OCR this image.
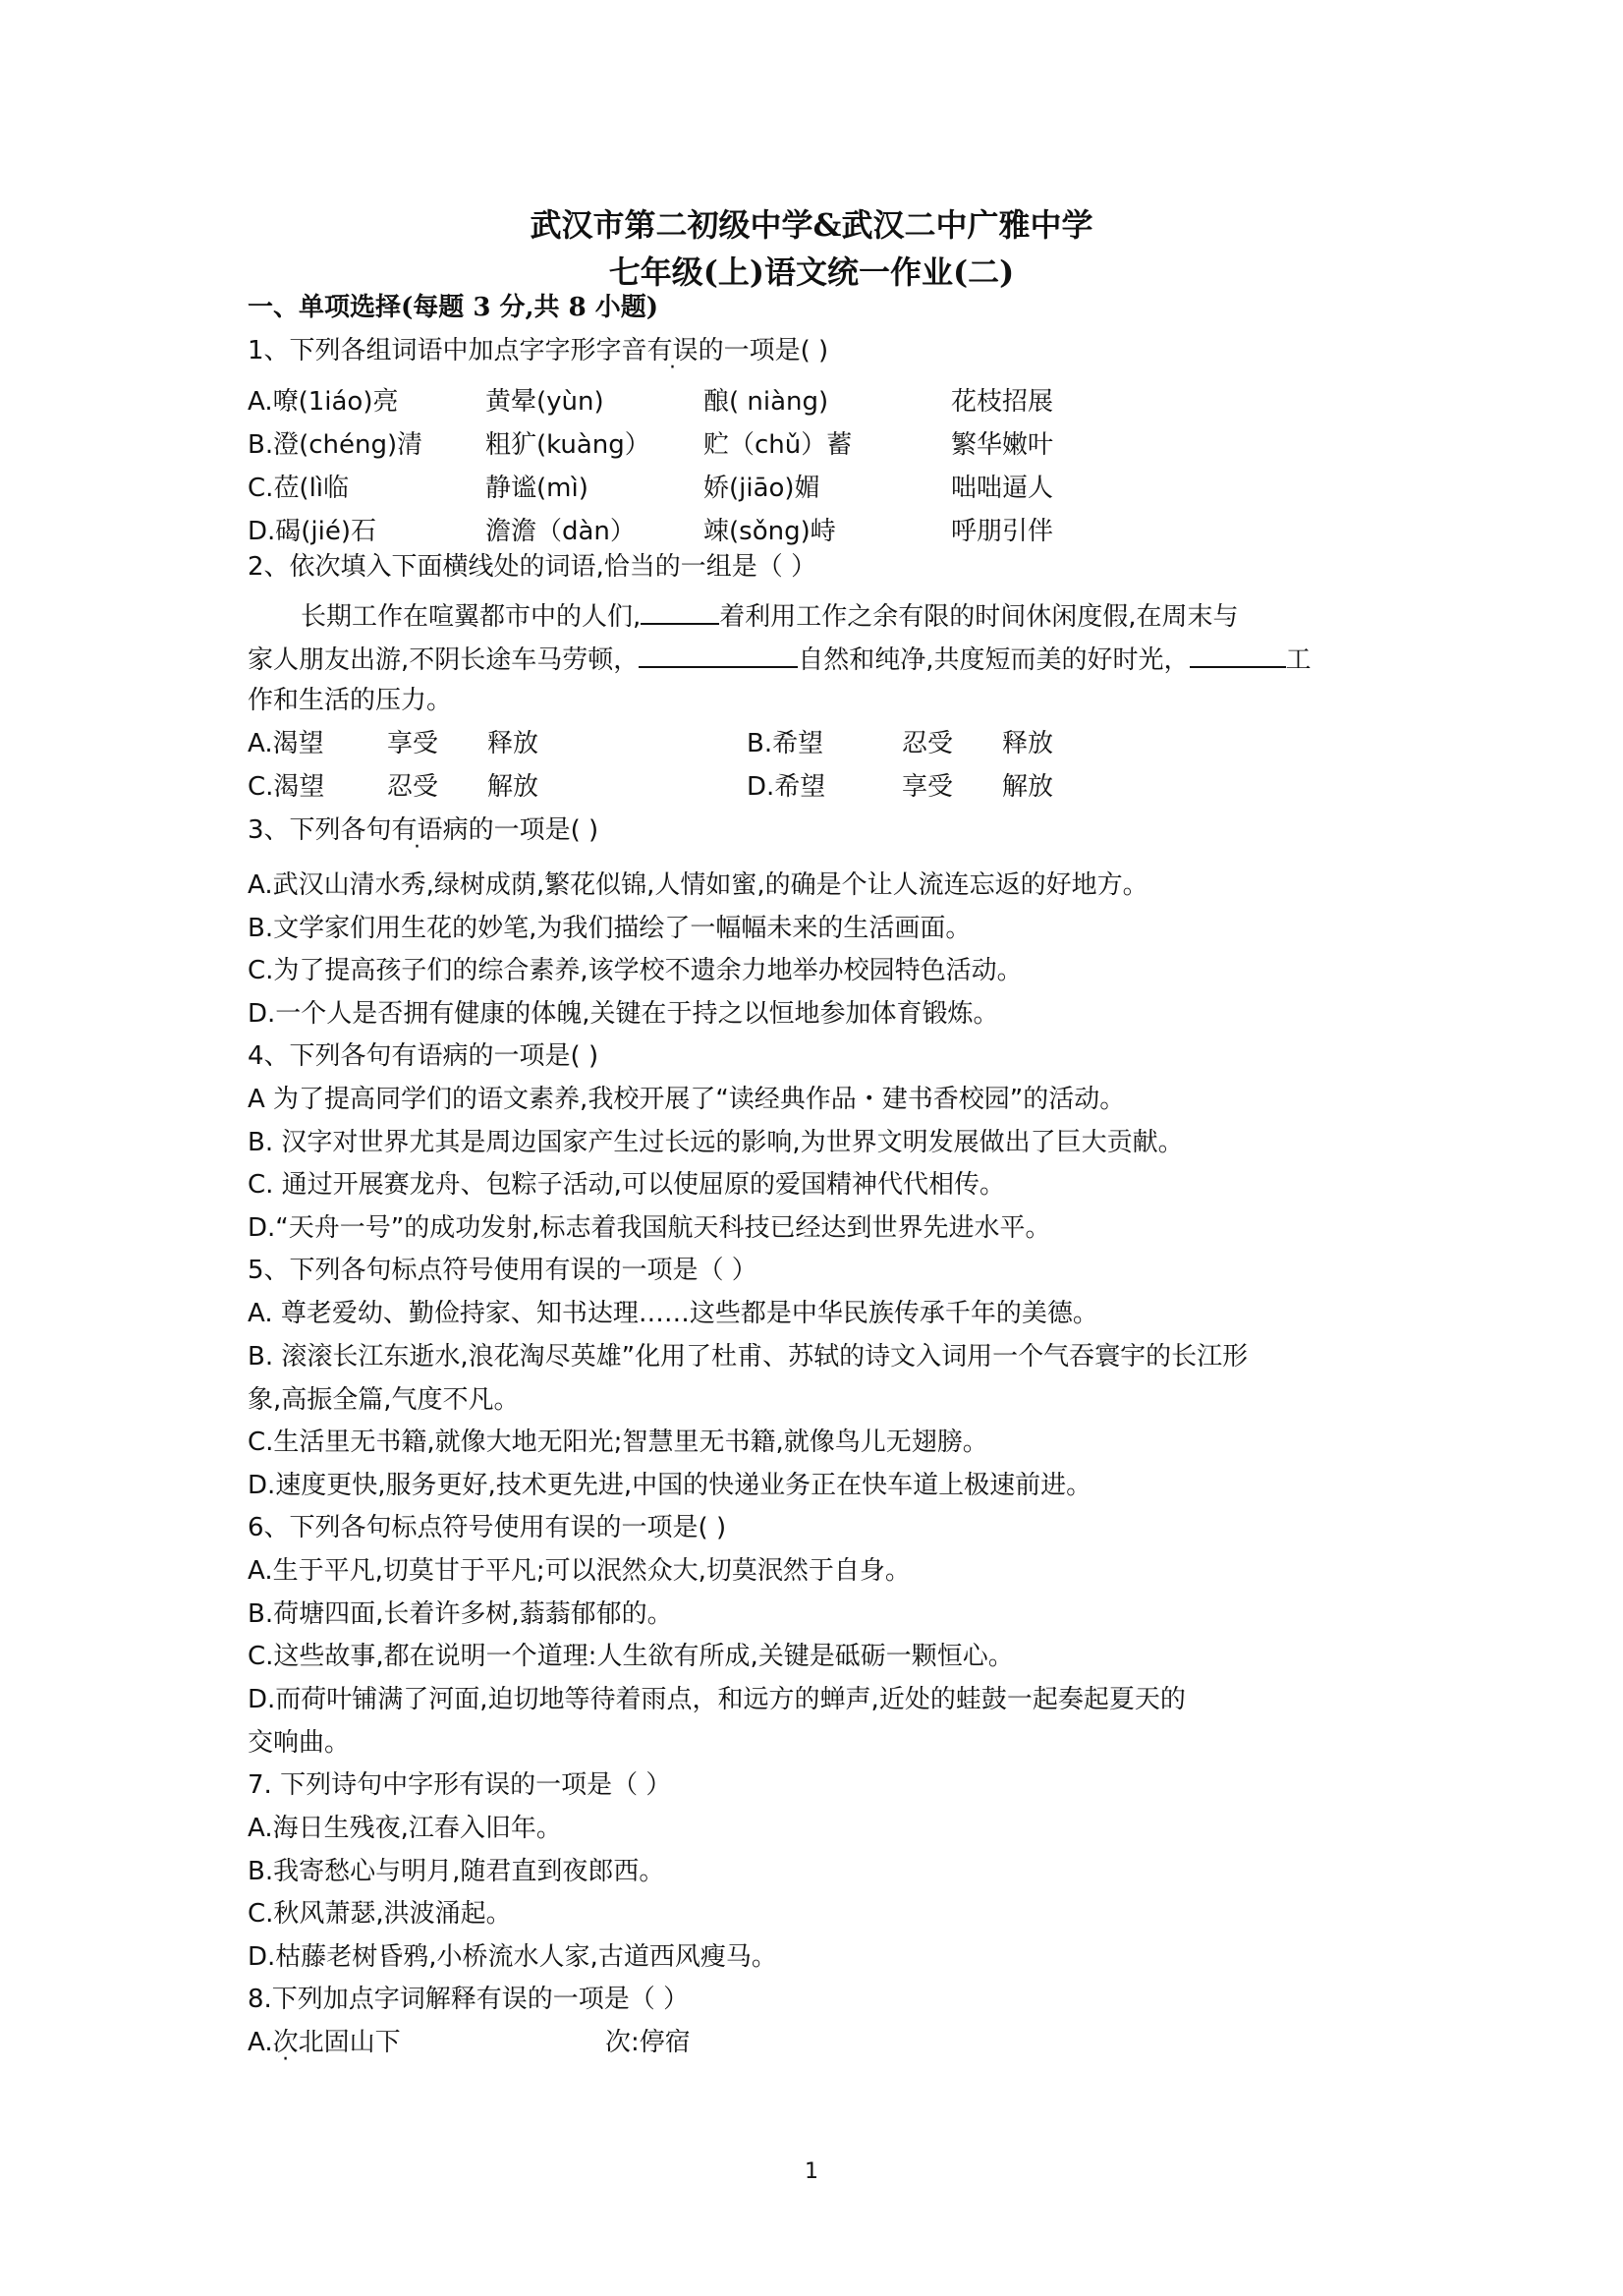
武汉市第二初级中学&武汉二中广雅中学
七年级(上)语文统一作业(二)
一、单项选择(每题 3 分,共 8 小题)
1、下列各组词语中加点字字形字音有误的一项是( )
A.嘹(1iáo)亮	黄晕(yùn)	酿( niàng)	花枝招展
B.澄(chéng)清 粗犷(kuàng） 贮（chǔ）蓄	繁华嫩叶
C.莅(lì临	静谧(mì)	娇(jiāo)媚	咄咄逼人
D.碣(jié)石	澹澹（dàn）	竦(sǒng)峙	呼朋引伴
2、依次填入下面横线处的词语,恰当的一组是（ ）
长期工作在喧翼都市中的人们,	着利用工作之余有限的时间休闲度假,在周末与
家人朋友出游,不阴长途车马劳顿，	自然和纯净,共度短而美的好时光，	工
作和生活的压力。
A.渴望 享受 释放	B.希望	忍受 释放
C.渴望 忍受 解放	D.希望	享受 解放
3、下列各句有语病的一项是( )
A.武汉山清水秀,绿树成荫,繁花似锦,人情如蜜,的确是个让人流连忘返的好地方。
B.文学家们用生花的妙笔,为我们描绘了一幅幅未来的生活画面。
C.为了提高孩子们的综合素养,该学校不遗余力地举办校园特色活动。
D.一个人是否拥有健康的体魄,关键在于持之以恒地参加体育锻炼。
4、下列各句有语病的一项是( )
A 为了提高同学们的语文素养,我校开展了“读经典作品・建书香校园”的活动。
B. 汉字对世界尤其是周边国家产生过长远的影响,为世界文明发展做出了巨大贡献。
C. 通过开展赛龙舟、包粽子活动,可以使屈原的爱国精神代代相传。
D.“天舟一号”的成功发射,标志着我国航天科技已经达到世界先进水平。
5、下列各句标点符号使用有误的一项是（ ）
A. 尊老爱幼、勤俭持家、知书达理……这些都是中华民族传承千年的美德。
B. 滚滚长江东逝水,浪花淘尽英雄”化用了杜甫、苏轼的诗文入词用一个气吞寰宇的长江形
象,高振全篇,气度不凡。
C.生活里无书籍,就像大地无阳光;智慧里无书籍,就像鸟儿无翅膀。
D.速度更快,服务更好,技术更先进,中国的快递业务正在快车道上极速前进。
6、下列各句标点符号使用有误的一项是( )
A.生于平凡,切莫甘于平凡;可以泯然众大,切莫泯然于自身。
B.荷塘四面,长着许多树,蓊蓊郁郁的。
C.这些故事,都在说明一个道理:人生欲有所成,关键是砥砺一颗恒心。
D.而荷叶铺满了河面,迫切地等待着雨点，和远方的蝉声,近处的蛙鼓一起奏起夏天的
交响曲。
7. 下列诗句中字形有误的一项是（ ）
A.海日生残夜,江春入旧年。
B.我寄愁心与明月,随君直到夜郎西。
C.秋风萧瑟,洪波涌起。
D.枯藤老树昏鸦,小桥流水人家,古道西风瘦马。
8.下列加点字词解释有误的一项是（ ）
A.次北固山下	次:停宿
1
